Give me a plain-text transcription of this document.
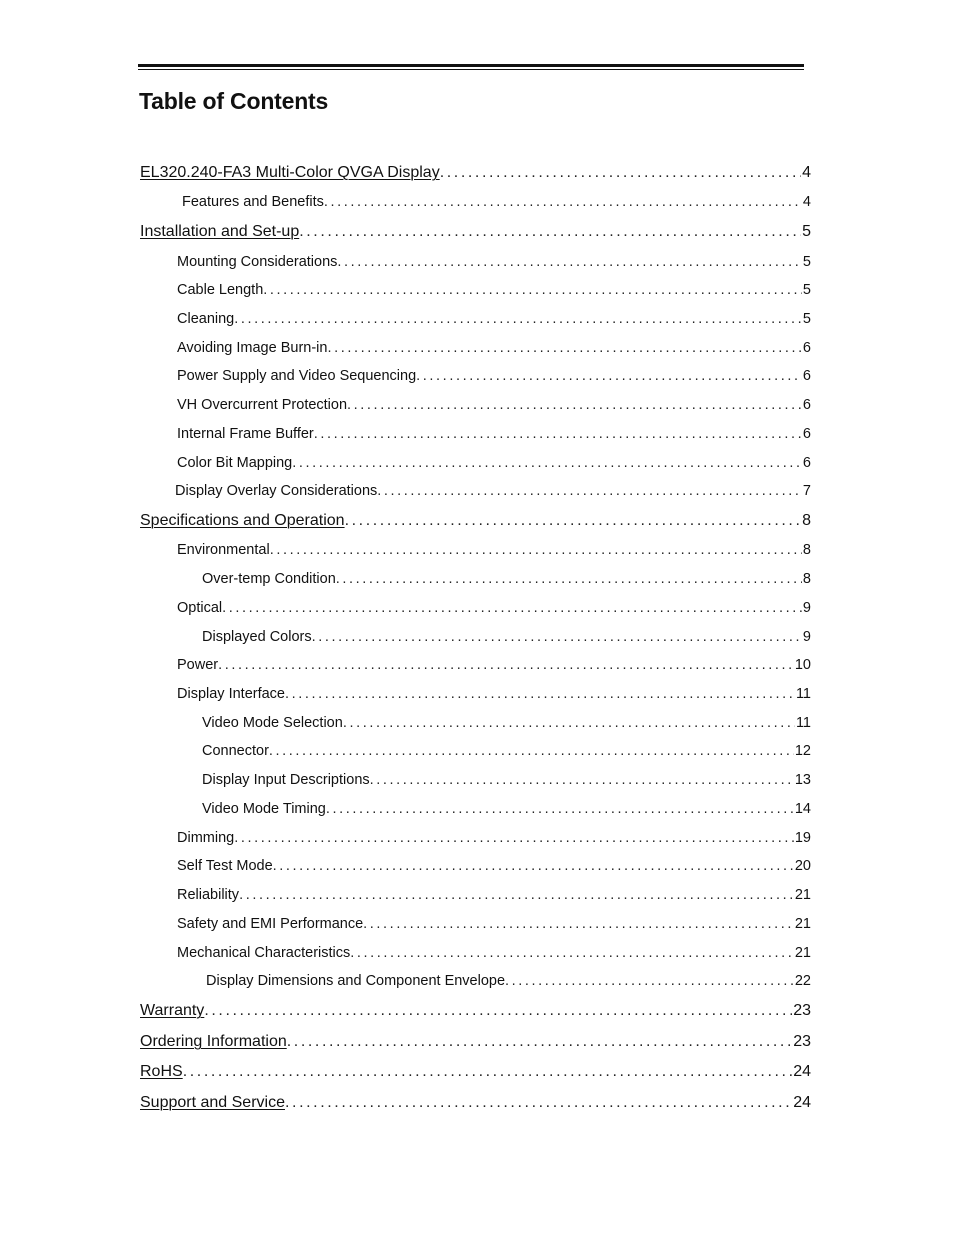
Table of Contents
EL320.240-FA3 Multi-Color QVGA Display .....	4
Features and Benefits .....	4
Installation and Set-up .....	5
Mounting Considerations .....	5
Cable Length .....	5
Cleaning .....	5
Avoiding Image Burn-in .....	6
Power Supply and Video Sequencing .....	6
VH Overcurrent Protection .....	6
Internal Frame Buffer .....	6
Color Bit Mapping .....	6
Display Overlay Considerations .....	7
Specifications and Operation .....	8
Environmental .....	8
Over-temp Condition .....	8
Optical .....	9
Displayed Colors .....	9
Power .....	10
Display Interface .....	11
Video Mode Selection .....	11
Connector .....	12
Display Input Descriptions .....	13
Video Mode Timing .....	14
Dimming .....	19
Self Test Mode .....	20
Reliability .....	21
Safety and EMI Performance .....	21
Mechanical Characteristics .....	21
Display Dimensions and Component Envelope .....	22
Warranty .....	23
Ordering Information .....	23
RoHS .....	24
Support and Service .....	24
